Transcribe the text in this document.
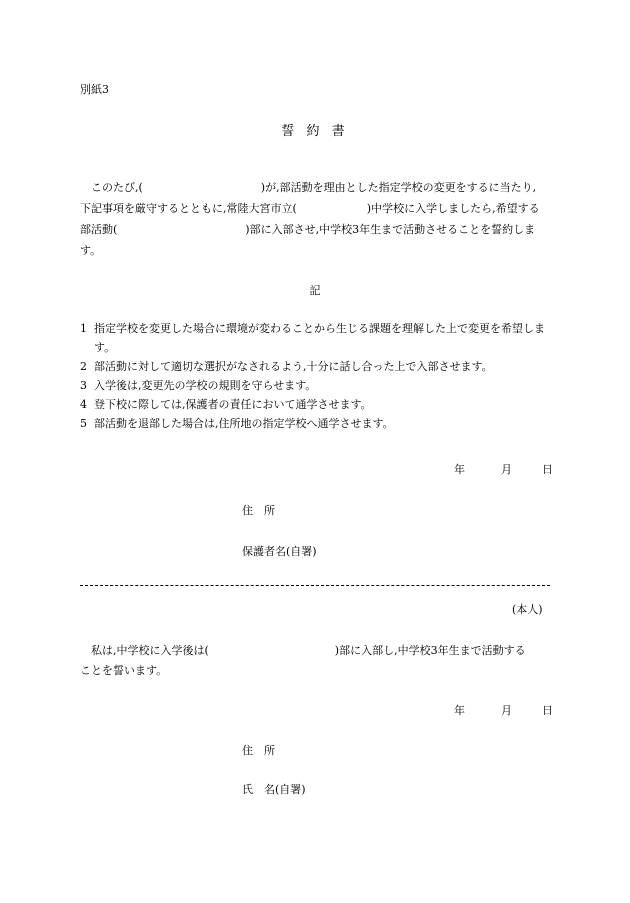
別紙3
誓 約 書
このたび,(	)が,部活動を理由とした指定学校の変更をするに当たり,
下記事項を厳守するとともに,常陸大宮市立(	)中学校に入学しましたら,希望する
部活動(	)部に入部させ,中学校3年生まで活動させることを誓約しま
す。
記
1 指定学校を変更した場合に環境が変わることから生じる課題を理解した上で変更を希望しま
す。
2 部活動に対して適切な選択がなされるよう,十分に話し合った上で入部させます。
3 入学後は,変更先の学校の規則を守らせます。
4 登下校に際しては,保護者の責任において通学させます。
5 部活動を退部した場合は,住所地の指定学校へ通学させます。
年	月	日
住　所
保護者名(自署)
(本人)
私は,中学校に入学後は(	)部に入部し,中学校3年生まで活動する
ことを誓います。
年	月	日
住　所
氏　名(自署)
